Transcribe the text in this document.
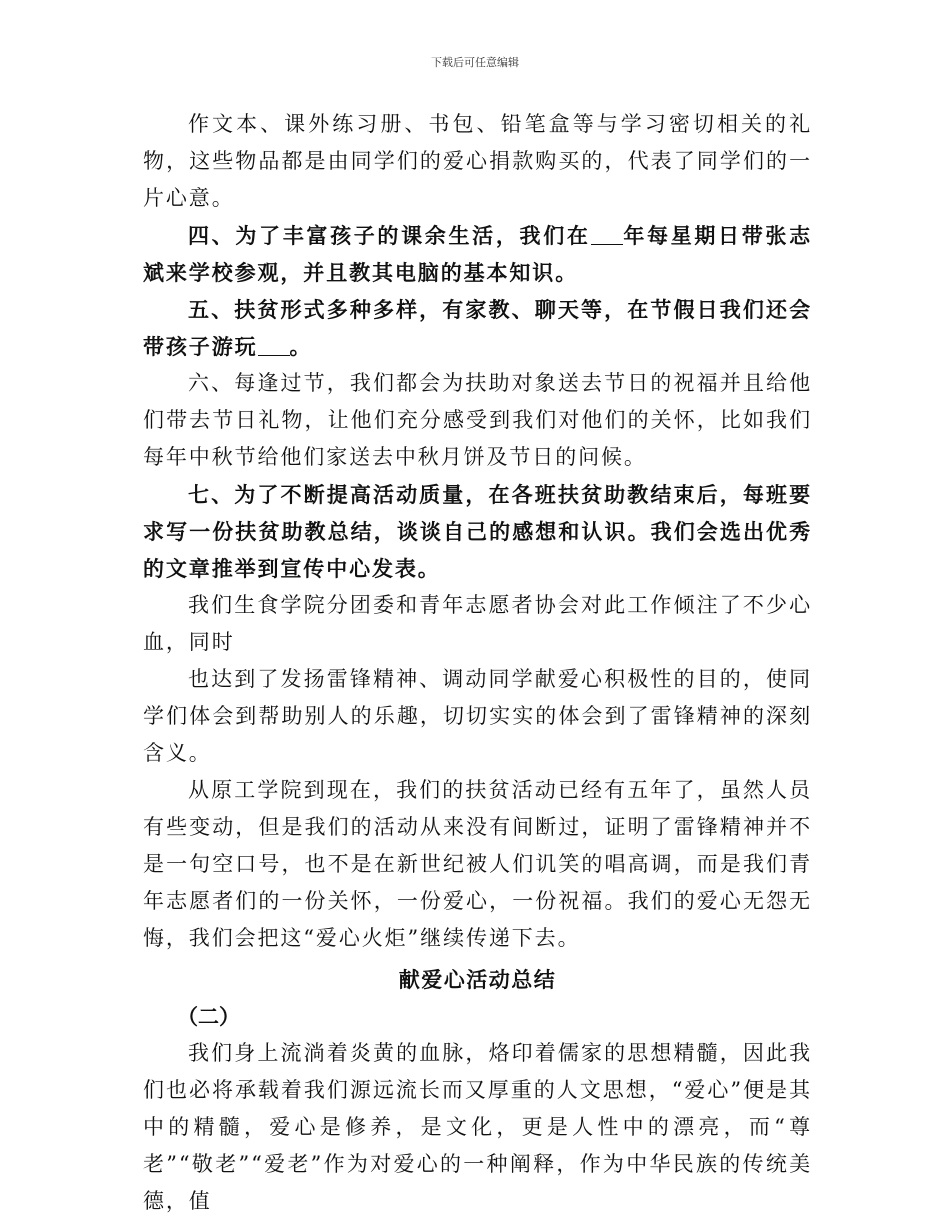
下载后可任意编辑

作文本、课外练习册、书包、铅笔盒等与学习密切相关的礼物，这些物品都是由同学们的爱心捐款购买的，代表了同学们的一片心意。

四、为了丰富孩子的课余生活，我们在 年每星期日带张志斌来学校参观，并且教其电脑的基本知识。

五、扶贫形式多种多样，有家教、聊天等，在节假日我们还会带孩子游玩 。

六、每逢过节，我们都会为扶助对象送去节日的祝福并且给他们带去节日礼物，让他们充分感受到我们对他们的关怀，比如我们每年中秋节给他们家送去中秋月饼及节日的问候。

七、为了不断提高活动质量，在各班扶贫助教结束后，每班要求写一份扶贫助教总结，谈谈自己的感想和认识。我们会选出优秀的文章推举到宣传中心发表。

我们生食学院分团委和青年志愿者协会对此工作倾注了不少心血，同时

也达到了发扬雷锋精神、调动同学献爱心积极性的目的，使同学们体会到帮助别人的乐趣，切切实实的体会到了雷锋精神的深刻含义。

从原工学院到现在，我们的扶贫活动已经有五年了，虽然人员有些变动，但是我们的活动从来没有间断过，证明了雷锋精神并不是一句空口号，也不是在新世纪被人们讥笑的唱高调，而是我们青年志愿者们的一份关怀，一份爱心，一份祝福。我们的爱心无怨无悔，我们会把这“爱心火炬”继续传递下去。

献爱心活动总结
（二）

我们身上流淌着炎黄的血脉，烙印着儒家的思想精髓，因此我们也必将承载着我们源远流长而又厚重的人文思想，“爱心”便是其中的精髓，爱心是修养，是文化，更是人性中的漂亮，而“尊老”“敬老”“爱老”作为对爱心的一种阐释，作为中华民族的传统美德，值
